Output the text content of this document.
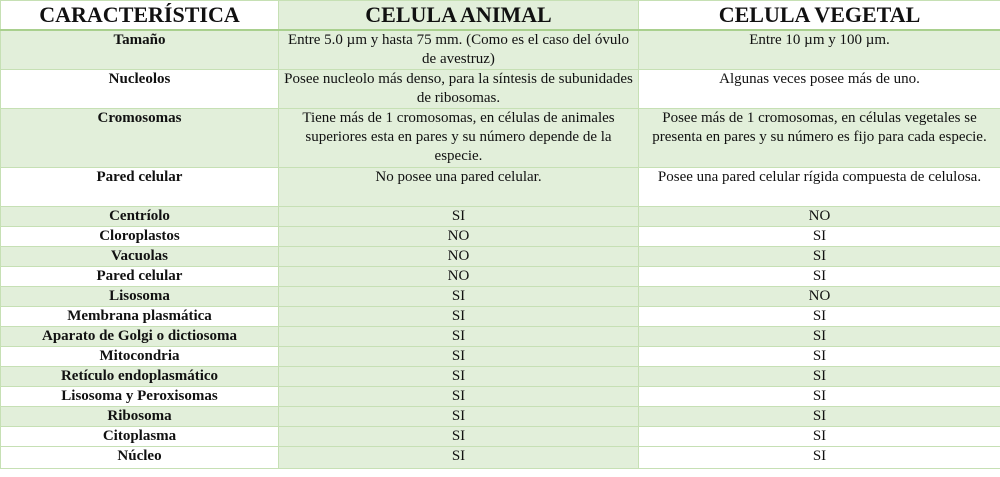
CARACTERÍSTICA	CELULA ANIMAL	CELULA VEGETAL
Tamaño	Entre 5.0 µm y hasta 75 mm. (Como es el caso del óvulo de avestruz)	Entre 10 µm y 100 µm.
Nucleolos	Posee nucleolo más denso, para la síntesis de subunidades de ribosomas.	Algunas veces posee más de uno.
Cromosomas	Tiene más de 1 cromosomas, en células de animales superiores esta en pares y su número depende de la especie.	Posee más de 1 cromosomas, en células vegetales se presenta en pares y su número es fijo para cada especie.
Pared celular	No posee una pared celular.	Posee una pared celular rígida compuesta de celulosa.
Centríolo	SI	NO
Cloroplastos	NO	SI
Vacuolas	NO	SI
Pared celular	NO	SI
Lisosoma	SI	NO
Membrana plasmática	SI	SI
Aparato de Golgi o dictiosoma	SI	SI
Mitocondria	SI	SI
Retículo endoplasmático	SI	SI
Lisosoma y Peroxisomas	SI	SI
Ribosoma	SI	SI
Citoplasma	SI	SI
Núcleo	SI	SI
